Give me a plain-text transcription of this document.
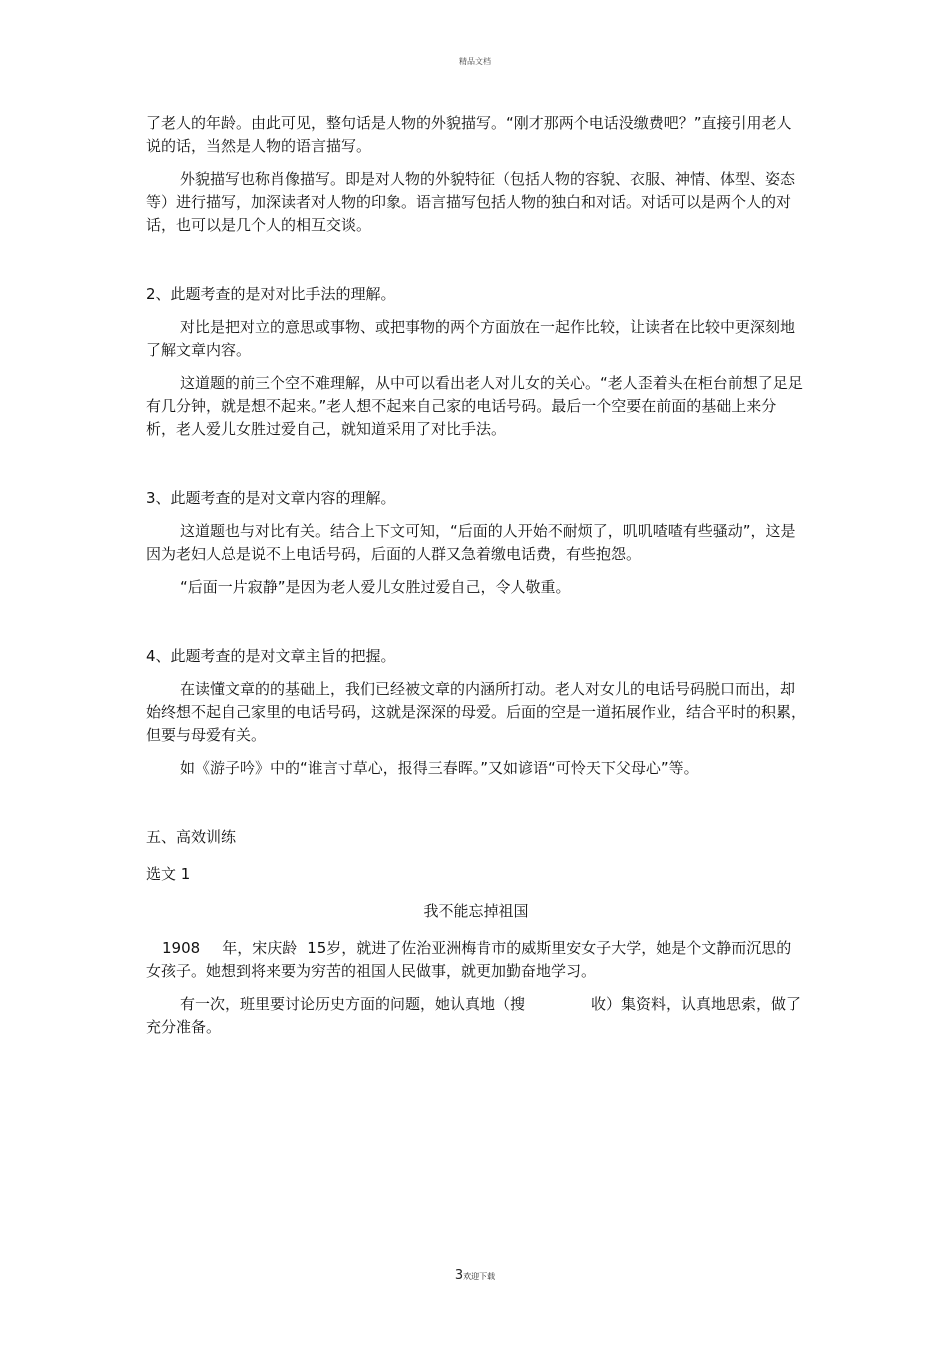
精品文档

了老人的年龄。由此可见，整句话是人物的外貌描写。“刚才那两个电话没缴费吧？”直接引用老人说的话，当然是人物的语言描写。

外貌描写也称肖像描写。即是对人物的外貌特征（包括人物的容貌、衣服、神情、体型、姿态等）进行描写，加深读者对人物的印象。语言描写包括人物的独白和对话。对话可以是两个人的对话，也可以是几个人的相互交谈。

2、此题考查的是对对比手法的理解。

对比是把对立的意思或事物、或把事物的两个方面放在一起作比较，让读者在比较中更深刻地了解文章内容。

这道题的前三个空不难理解，从中可以看出老人对儿女的关心。“老人歪着头在柜台前想了足足有几分钟，就是想不起来。”老人想不起来自己家的电话号码。最后一个空要在前面的基础上来分析，老人爱儿女胜过爱自己，就知道采用了对比手法。

3、此题考查的是对文章内容的理解。

这道题也与对比有关。结合上下文可知，“后面的人开始不耐烦了，叽叽喳喳有些骚动”，这是因为老妇人总是说不上电话号码，后面的人群又急着缴电话费，有些抱怨。

“后面一片寂静”是因为老人爱儿女胜过爱自己，令人敬重。

4、此题考查的是对文章主旨的把握。

在读懂文章的的基础上，我们已经被文章的内涵所打动。老人对女儿的电话号码脱口而出，却始终想不起自己家里的电话号码，这就是深深的母爱。后面的空是一道拓展作业，结合平时的积累，但要与母爱有关。

如《游子吟》中的“谁言寸草心，报得三春晖。”又如谚语“可怜天下父母心”等。

五、高效训练

选文 1

我不能忘掉祖国

1908 年，宋庆龄 15岁，就进了佐治亚洲梅肯市的威斯里安女子大学，她是个文静而沉思的女孩子。她想到将来要为穷苦的祖国人民做事，就更加勤奋地学习。

有一次，班里要讨论历史方面的问题，她认真地（搜	收）集资料，认真地思索，做了充分准备。

3欢迎下载
